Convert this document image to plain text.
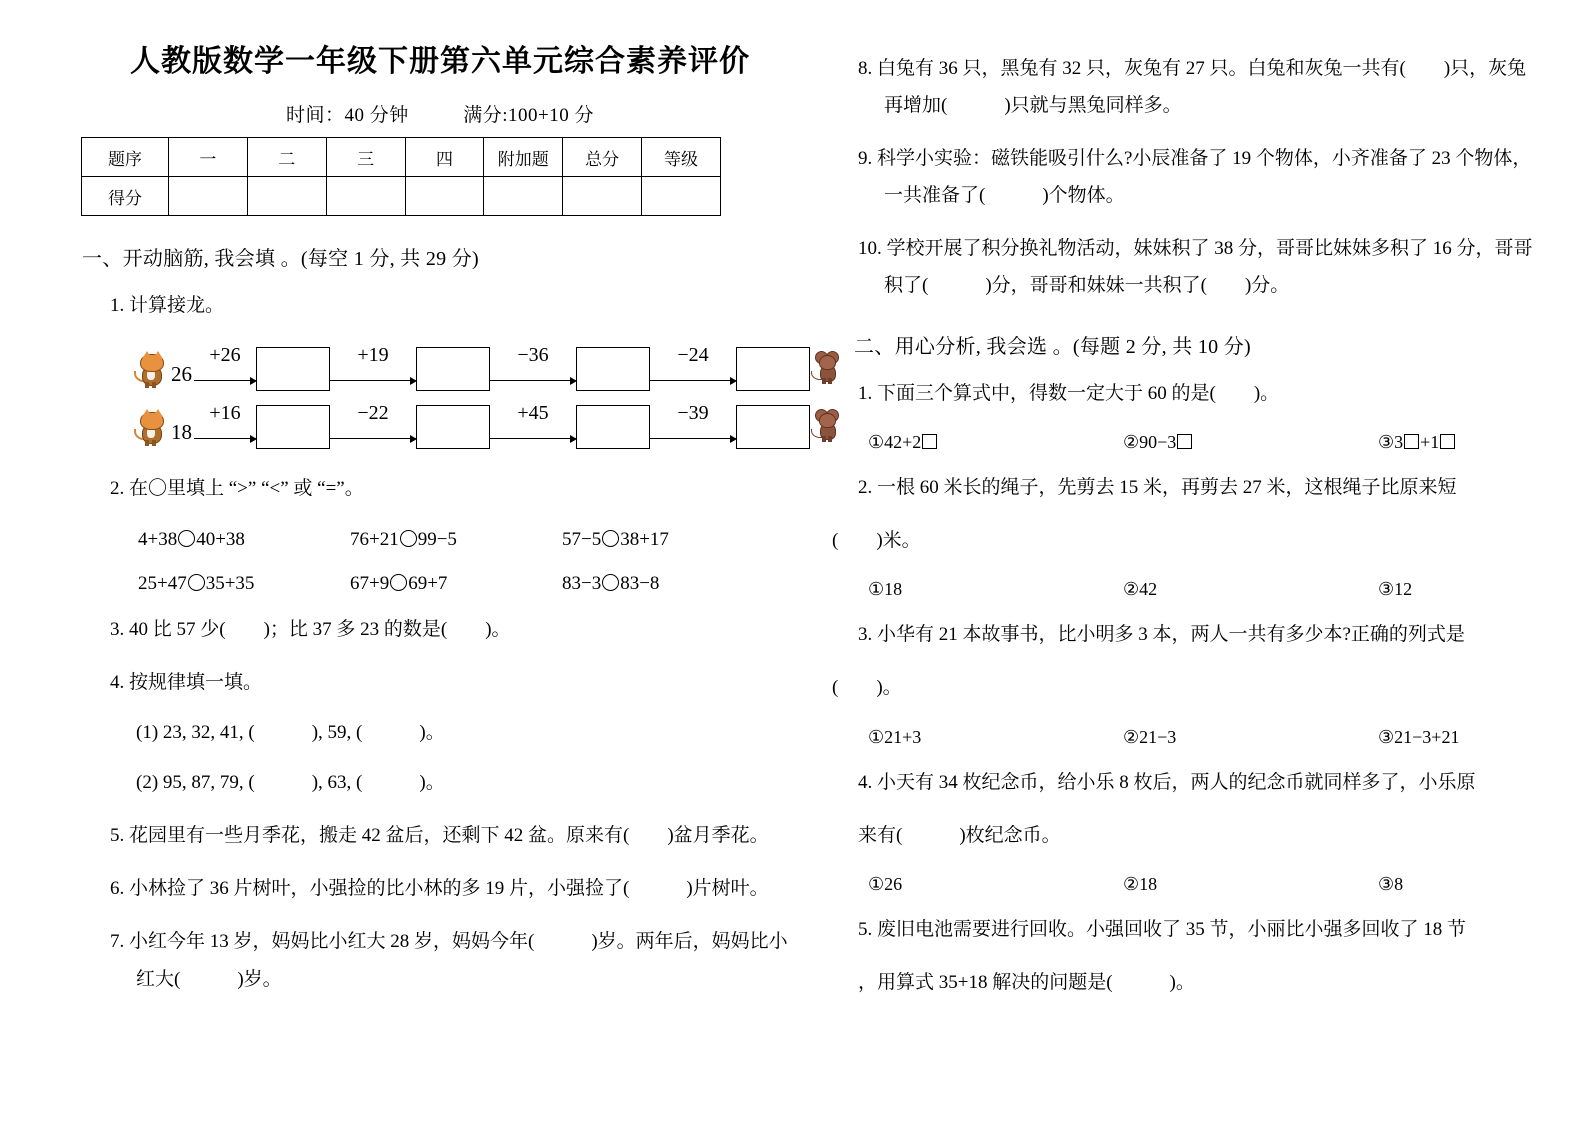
人教版数学一年级下册第六单元综合素养评价
时间：40 分钟	满分:100+10 分
题序	一	二	三	四	附加题	总分	等级
得分							
一、开动脑筋, 我会填 。(每空 1 分, 共 29 分)
1. 计算接龙。
26
+26	+19	−36	−24
18
+16	−22	+45	−39
2. 在〇里填上 “>” “<” 或 “=”。
4+38 40+38	76+21 99−5	57−5 38+17
25+47 35+35	67+9 69+7	83−3 83−8
3. 40 比 57 少(　　)；比 37 多 23 的数是(　　)。
4. 按规律填一填。
(1) 23, 32, 41, (　　　), 59, (　　　)。
(2) 95, 87, 79, (　　　), 63, (　　　)。
5. 花园里有一些月季花，搬走 42 盆后，还剩下 42 盆。原来有(　　)盆月季花。
6. 小林捡了 36 片树叶，小强捡的比小林的多 19 片，小强捡了(　　　)片树叶。
7. 小红今年 13 岁，妈妈比小红大 28 岁，妈妈今年(　　　)岁。两年后，妈妈比小红大(　　　)岁。
8. 白兔有 36 只，黑兔有 32 只，灰兔有 27 只。白兔和灰兔一共有(　　)只，灰兔再增加(　　　)只就与黑兔同样多。
9. 科学小实验：磁铁能吸引什么?小辰准备了 19 个物体，小齐准备了 23 个物体，一共准备了(　　　)个物体。
10. 学校开展了积分换礼物活动，妹妹积了 38 分，哥哥比妹妹多积了 16 分，哥哥积了(　　　)分，哥哥和妹妹一共积了(　　)分。
二、用心分析, 我会选 。(每题 2 分, 共 10 分)
1. 下面三个算式中，得数一定大于 60 的是(　　)。
①42+2	②90−3	③3 +1
2. 一根 60 米长的绳子，先剪去 15 米，再剪去 27 米，这根绳子比原来短
(　　)米。
①18	②42	③12
3. 小华有 21 本故事书，比小明多 3 本，两人一共有多少本?正确的列式是
(　　)。
①21+3	②21−3	③21−3+21
4. 小天有 34 枚纪念币，给小乐 8 枚后，两人的纪念币就同样多了，小乐原
来有(　　　)枚纪念币。
①26	②18	③8
5. 废旧电池需要进行回收。小强回收了 35 节，小丽比小强多回收了 18 节
，用算式 35+18 解决的问题是(　　　)。
